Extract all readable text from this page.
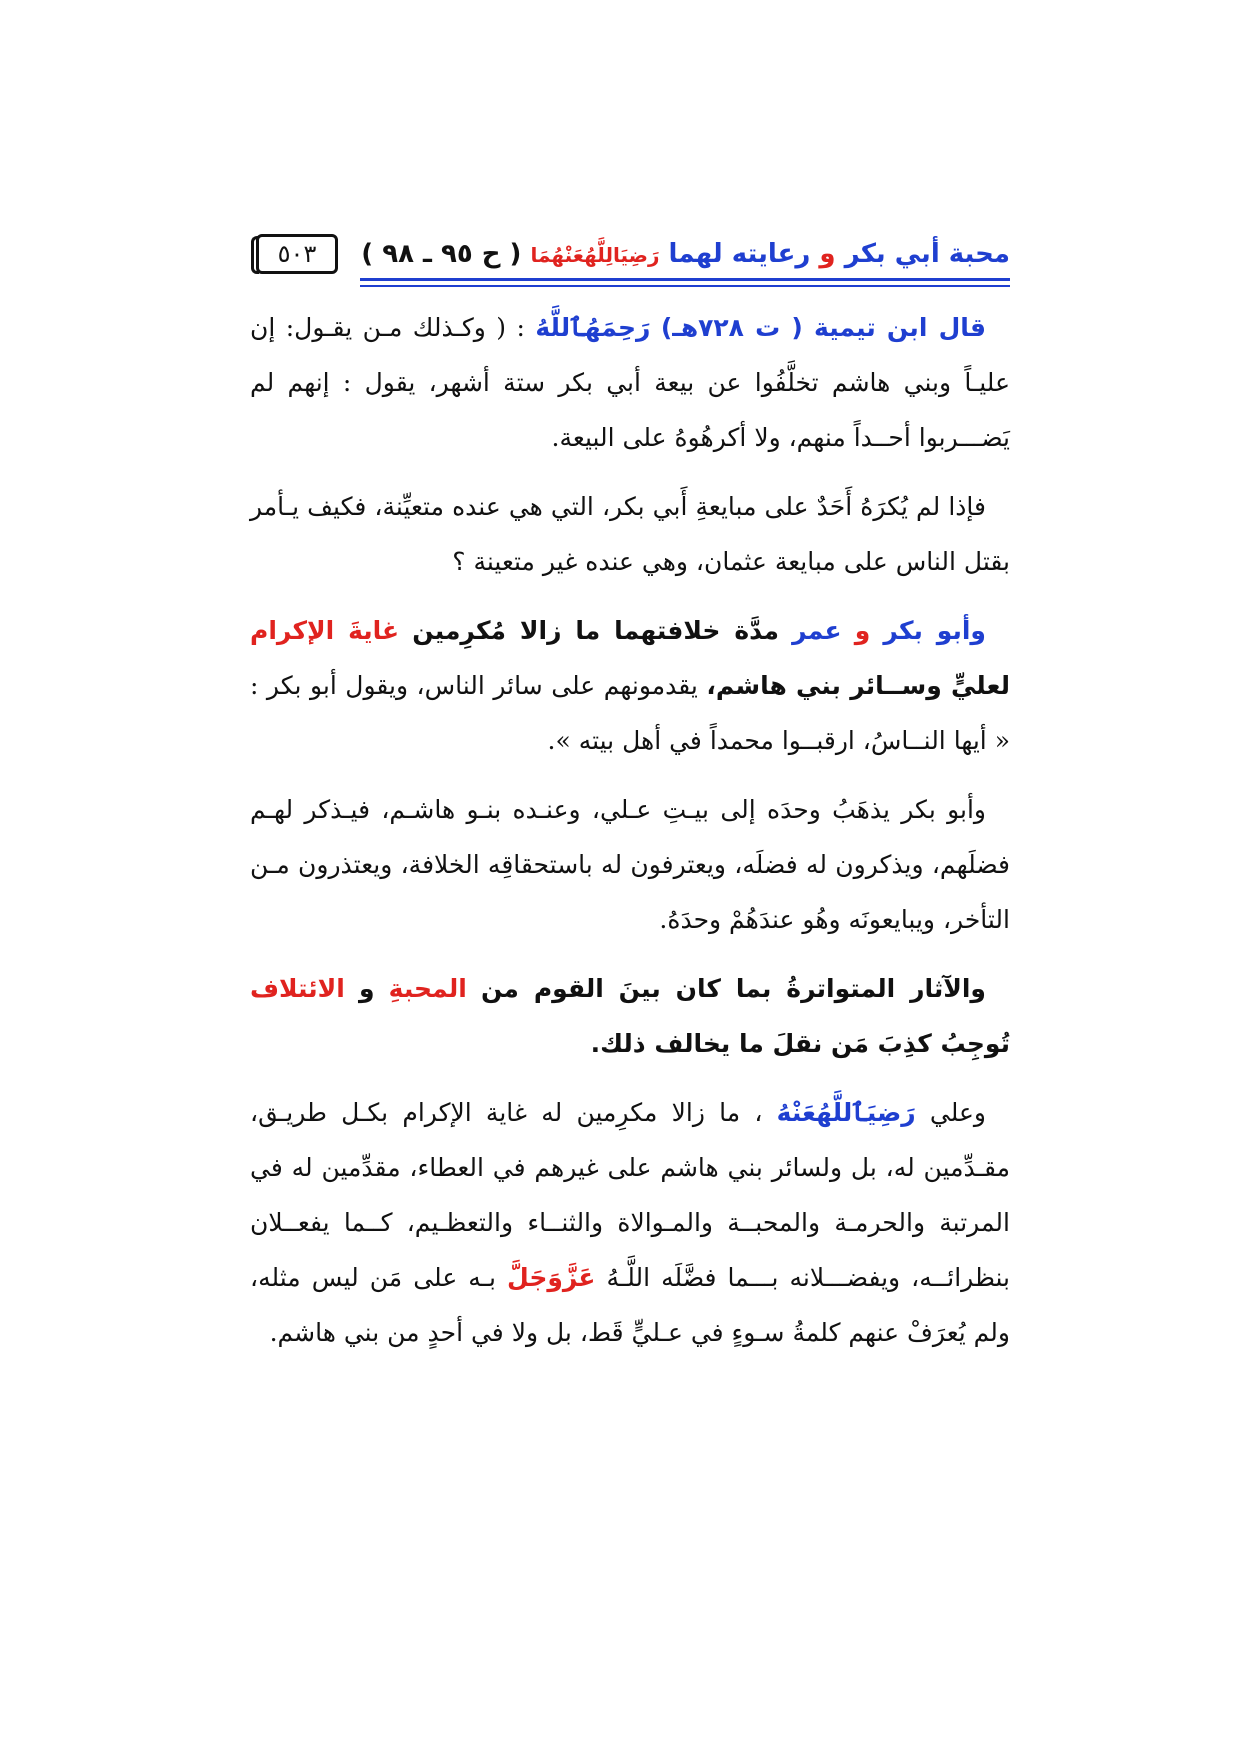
محبة أبي بكر و رعايته لهما رَضِيَالِلَّهُعَنْهُمَا ( ح ٩٥ ـ ٩٨ )
٥٠٣

قال ابن تيمية ( ت ٧٢٨هـ) رَحِمَهُٱللَّهُ : ( وكـذلك مـن يقـول: إن عليـاً وبني هاشم تخلَّفُوا عن بيعة أبي بكر ستة أشهر، يقول : إنهم لم يَضـــربوا أحــداً منهم، ولا أكرهُوهُ على البيعة.

فإذا لم يُكرَهُ أَحَدٌ على مبايعةِ أَبي بكر، التي هي عنده متعيِّنة، فكيف يـأمر بقتل الناس على مبايعة عثمان، وهي عنده غير متعينة ؟

وأبو بكر و عمر مدَّة خلافتهما ما زالا مُكرِمين غايةَ الإكرام لعليٍّ وســائر بني هاشم، يقدمونهم على سائر الناس، ويقول أبو بكر : « أيها النــاسُ، ارقبــوا محمداً في أهل بيته ».

وأبو بكر يذهَبُ وحدَه إلى بيـتِ عـلي، وعنـده بنـو هاشـم، فيـذكر لهـم فضلَهم، ويذكرون له فضلَه، ويعترفون له باستحقاقِه الخلافة، ويعتذرون مـن التأخر، ويبايعونَه وهُو عندَهُمْ وحدَهُ.

والآثار المتواترةُ بما كان بينَ القوم من المحبةِ و الائتلاف تُوجِبُ كذِبَ مَن نقلَ ما يخالف ذلك.

وعلي رَضِيَٱللَّهُعَنْهُ ، ما زالا مكرِمين له غاية الإكرام بكـل طريـق، مقـدِّمين له، بل ولسائر بني هاشم على غيرهم في العطاء، مقدِّمين له في المرتبة والحرمـة والمحبــة والمـوالاة والثنــاء والتعظـيم، كــما يفعــلان بنظرائــه، ويفضـــلانه بـــما فضَّلَه اللَّـهُ عَزَّوَجَلَّ بـه على مَن ليس مثله، ولم يُعرَفْ عنهم كلمةُ سـوءٍ في عـليٍّ قَط، بل ولا في أحدٍ من بني هاشم.
